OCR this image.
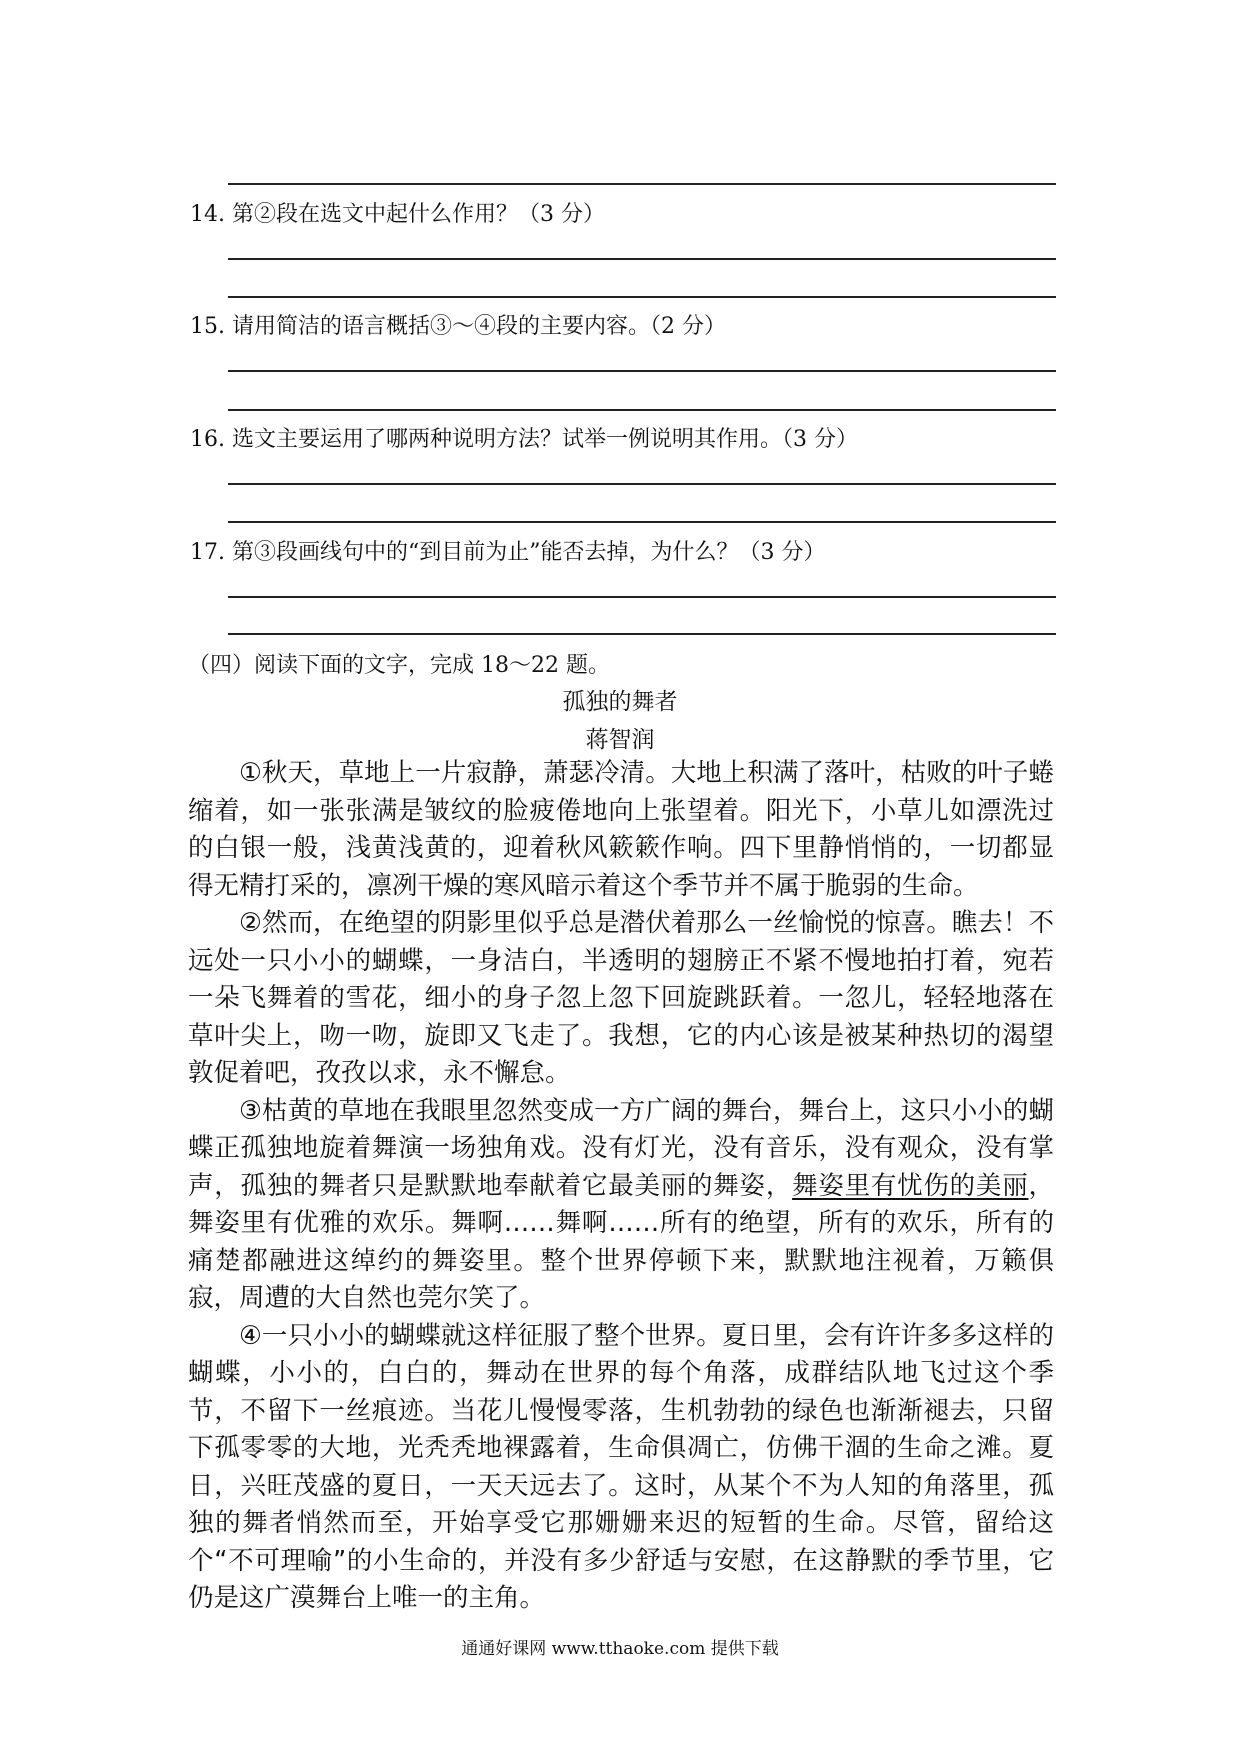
14. 第②段在选文中起什么作用？（3 分）
15. 请用简洁的语言概括③～④段的主要内容。（2 分）
16. 选文主要运用了哪两种说明方法？试举一例说明其作用。（3 分）
17. 第③段画线句中的“到目前为止”能否去掉，为什么？（3 分）
（四）阅读下面的文字，完成 18～22 题。
孤独的舞者
蒋智润

①秋天，草地上一片寂静，萧瑟冷清。大地上积满了落叶，枯败的叶子蜷缩着，如一张张满是皱纹的脸疲倦地向上张望着。阳光下，小草儿如漂洗过的白银一般，浅黄浅黄的，迎着秋风簌簌作响。四下里静悄悄的，一切都显得无精打采的，凛冽干燥的寒风暗示着这个季节并不属于脆弱的生命。

②然而，在绝望的阴影里似乎总是潜伏着那么一丝愉悦的惊喜。瞧去！不远处一只小小的蝴蝶，一身洁白，半透明的翅膀正不紧不慢地拍打着，宛若一朵飞舞着的雪花，细小的身子忽上忽下回旋跳跃着。一忽儿，轻轻地落在草叶尖上，吻一吻，旋即又飞走了。我想，它的内心该是被某种热切的渴望敦促着吧，孜孜以求，永不懈怠。

③枯黄的草地在我眼里忽然变成一方广阔的舞台，舞台上，这只小小的蝴蝶正孤独地旋着舞演一场独角戏。没有灯光，没有音乐，没有观众，没有掌声，孤独的舞者只是默默地奉献着它最美丽的舞姿，舞姿里有忧伤的美丽，舞姿里有优雅的欢乐。舞啊……舞啊……所有的绝望，所有的欢乐，所有的痛楚都融进这绰约的舞姿里。整个世界停顿下来，默默地注视着，万籁俱寂，周遭的大自然也莞尔笑了。

④一只小小的蝴蝶就这样征服了整个世界。夏日里，会有许许多多这样的蝴蝶，小小的，白白的，舞动在世界的每个角落，成群结队地飞过这个季节，不留下一丝痕迹。当花儿慢慢零落，生机勃勃的绿色也渐渐褪去，只留下孤零零的大地，光秃秃地裸露着，生命俱凋亡，仿佛干涸的生命之滩。夏日，兴旺茂盛的夏日，一天天远去了。这时，从某个不为人知的角落里，孤独的舞者悄然而至，开始享受它那姗姗来迟的短暂的生命。尽管，留给这个“不可理喻”的小生命的，并没有多少舒适与安慰，在这静默的季节里，它仍是这广漠舞台上唯一的主角。

通通好课网 www.tthaoke.com 提供下载
